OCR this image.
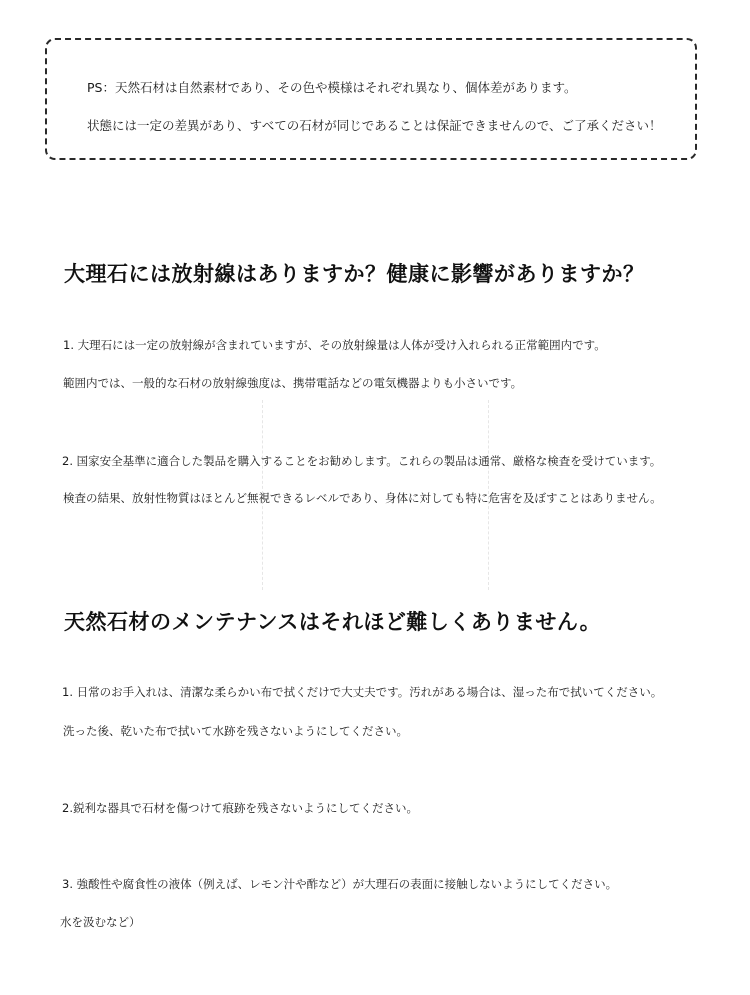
PS：天然石材は自然素材であり、その色や模様はそれぞれ異なり、個体差があります。
状態には一定の差異があり、すべての石材が同じであることは保証できませんので、ご了承ください！
大理石には放射線はありますか？健康に影響がありますか？
1. 大理石には一定の放射線が含まれていますが、その放射線量は人体が受け入れられる正常範囲内です。
範囲内では、一般的な石材の放射線強度は、携帯電話などの電気機器よりも小さいです。
2. 国家安全基準に適合した製品を購入することをお勧めします。これらの製品は通常、厳格な検査を受けています。
検査の結果、放射性物質はほとんど無視できるレベルであり、身体に対しても特に危害を及ぼすことはありません。
天然石材のメンテナンスはそれほど難しくありません。
1. 日常のお手入れは、清潔な柔らかい布で拭くだけで大丈夫です。汚れがある場合は、湿った布で拭いてください。
洗った後、乾いた布で拭いて水跡を残さないようにしてください。
2.鋭利な器具で石材を傷つけて痕跡を残さないようにしてください。
3. 強酸性や腐食性の液体（例えば、レモン汁や酢など）が大理石の表面に接触しないようにしてください。
水を汲むなど）
